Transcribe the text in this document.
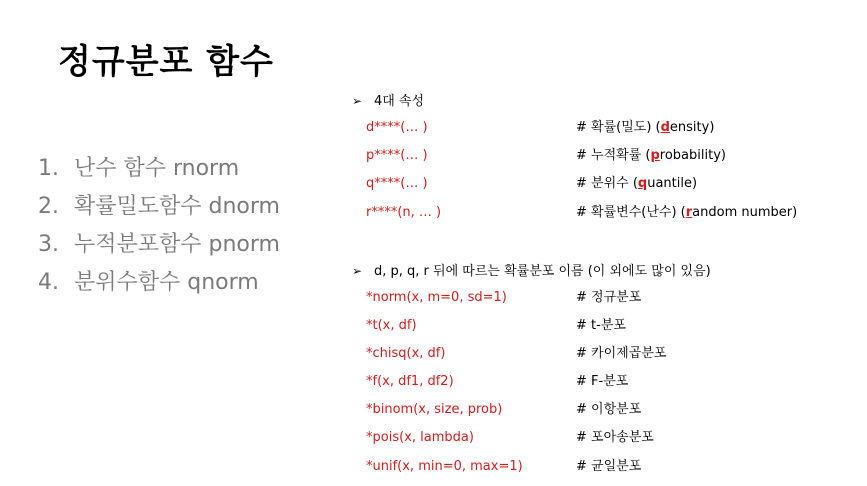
정규분포 함수
1. 난수 함수 rnorm
2. 확률밀도함수 dnorm
3. 누적분포함수 pnorm
4. 분위수함수 qnorm
➢ 4대 속성
d****(… )	# 확률(밀도) (density)
p****(… )	# 누적확률 (probability)
q****(… )	# 분위수 (quantile)
r****(n, … )	# 확률변수(난수) (random number)
➢ d, p, q, r 뒤에 따르는 확률분포 이름 (이 외에도 많이 있음)
*norm(x, m=0, sd=1)	# 정규분포
*t(x, df)	# t-분포
*chisq(x, df)	# 카이제곱분포
*f(x, df1, df2)	# F-분포
*binom(x, size, prob)	# 이항분포
*pois(x, lambda)	# 포아송분포
*unif(x, min=0, max=1)	# 균일분포
